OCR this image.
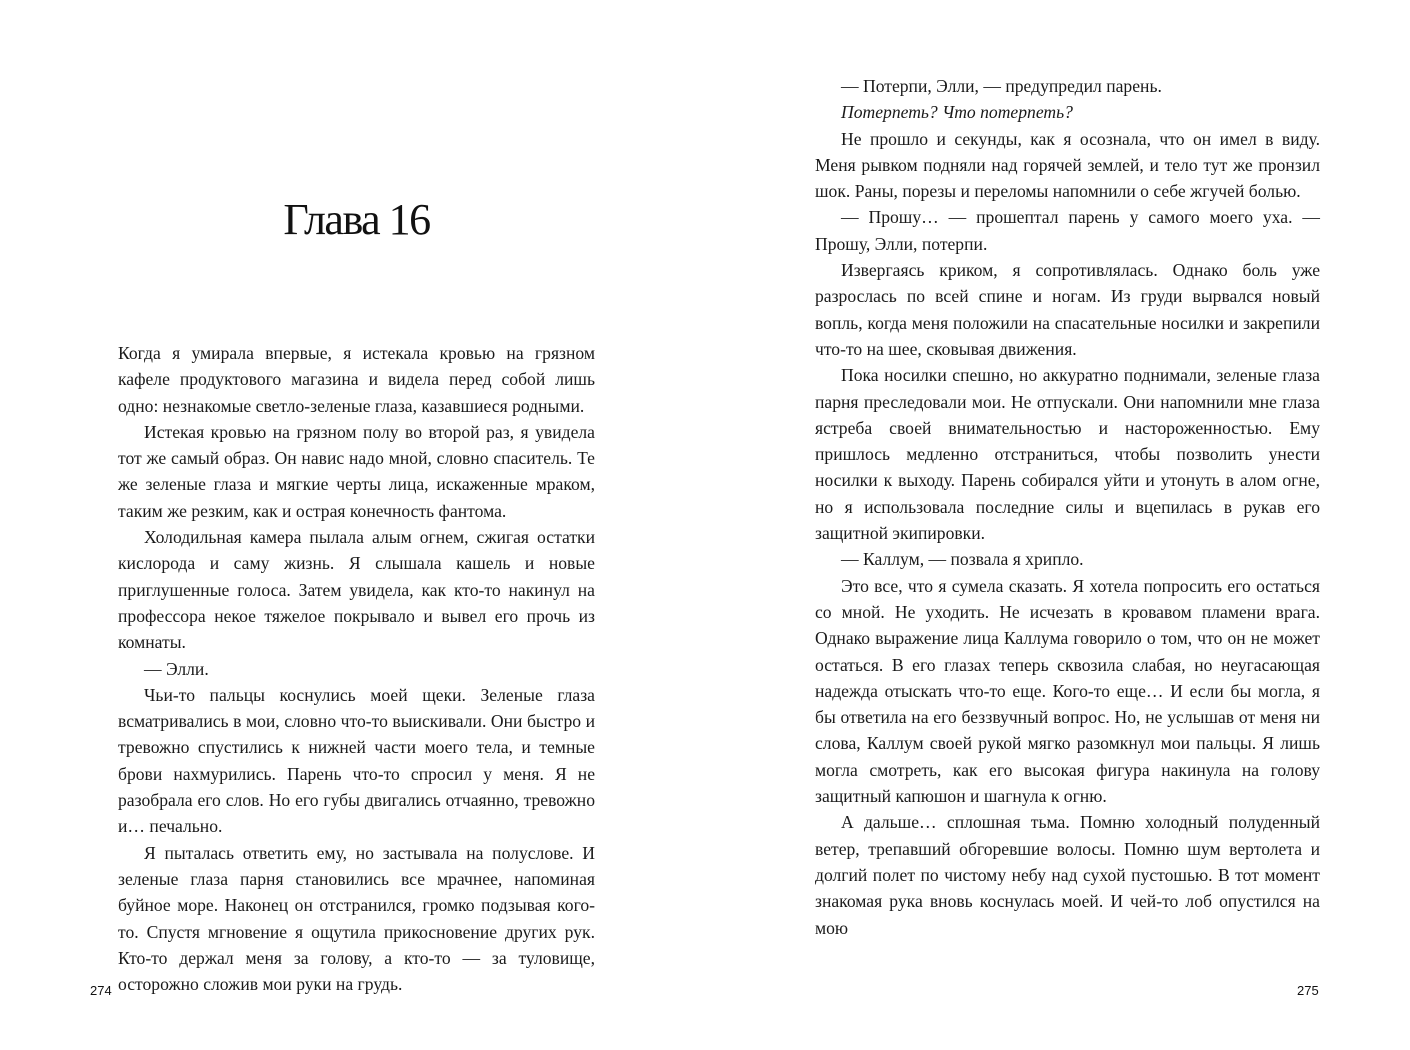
Глава 16

Когда я умирала впервые, я истекала кровью на грязном кафеле продуктового магазина и видела перед собой лишь одно: незнакомые светло-зеленые глаза, казавшиеся родными.

Истекая кровью на грязном полу во второй раз, я увидела тот же самый образ. Он навис надо мной, словно спаситель. Те же зеленые глаза и мягкие черты лица, искаженные мраком, таким же резким, как и острая конечность фантома.

Холодильная камера пылала алым огнем, сжигая остатки кислорода и саму жизнь. Я слышала кашель и новые приглушенные голоса. Затем увидела, как кто-то накинул на профессора некое тяжелое покрывало и вывел его прочь из комнаты.

— Элли.

Чьи-то пальцы коснулись моей щеки. Зеленые глаза всматривались в мои, словно что-то выискивали. Они быстро и тревожно спустились к нижней части моего тела, и темные брови нахмурились. Парень что-то спросил у меня. Я не разобрала его слов. Но его губы двигались отчаянно, тревожно и… печально.

Я пыталась ответить ему, но застывала на полуслове. И зеленые глаза парня становились все мрачнее, напоминая буйное море. Наконец он отстранился, громко подзывая кого-то. Спустя мгновение я ощутила прикосновение других рук. Кто-то держал меня за голову, а кто-то — за туловище, осторожно сложив мои руки на грудь.

274

— Потерпи, Элли, — предупредил парень.

Потерпеть? Что потерпеть?

Не прошло и секунды, как я осознала, что он имел в виду. Меня рывком подняли над горячей землей, и тело тут же пронзил шок. Раны, порезы и переломы напомнили о себе жгучей болью.

— Прошу… — прошептал парень у самого моего уха. — Прошу, Элли, потерпи.

Извергаясь криком, я сопротивлялась. Однако боль уже разрослась по всей спине и ногам. Из груди вырвался новый вопль, когда меня положили на спасательные носилки и закрепили что-то на шее, сковывая движения.

Пока носилки спешно, но аккуратно поднимали, зеленые глаза парня преследовали мои. Не отпускали. Они напомнили мне глаза ястреба своей внимательностью и настороженностью. Ему пришлось медленно отстраниться, чтобы позволить унести носилки к выходу. Парень собирался уйти и утонуть в алом огне, но я использовала последние силы и вцепилась в рукав его защитной экипировки.

— Каллум, — позвала я хрипло.

Это все, что я сумела сказать. Я хотела попросить его остаться со мной. Не уходить. Не исчезать в кровавом пламени врага. Однако выражение лица Каллума говорило о том, что он не может остаться. В его глазах теперь сквозила слабая, но неугасающая надежда отыскать что-то еще. Кого-то еще… И если бы могла, я бы ответила на его беззвучный вопрос. Но, не услышав от меня ни слова, Каллум своей рукой мягко разомкнул мои пальцы. Я лишь могла смотреть, как его высокая фигура накинула на голову защитный капюшон и шагнула к огню.

А дальше… сплошная тьма. Помню холодный полуденный ветер, трепавший обгоревшие волосы. Помню шум вертолета и долгий полет по чистому небу над сухой пустошью. В тот момент знакомая рука вновь коснулась моей. И чей-то лоб опустился на мою

275
